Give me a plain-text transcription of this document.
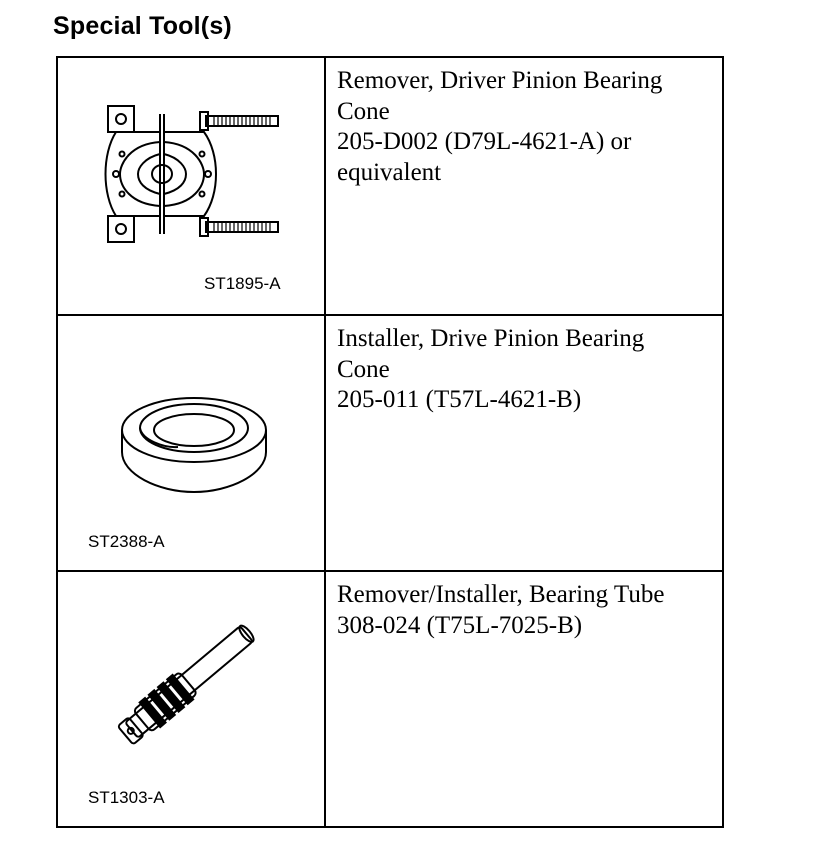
Special Tool(s)
ST1895-A
Remover, Driver Pinion Bearing
Cone
205-D002 (D79L-4621-A) or
equivalent
ST2388-A
Installer, Drive Pinion Bearing
Cone
205-011 (T57L-4621-B)
ST1303-A
Remover/Installer, Bearing Tube
308-024 (T75L-7025-B)
